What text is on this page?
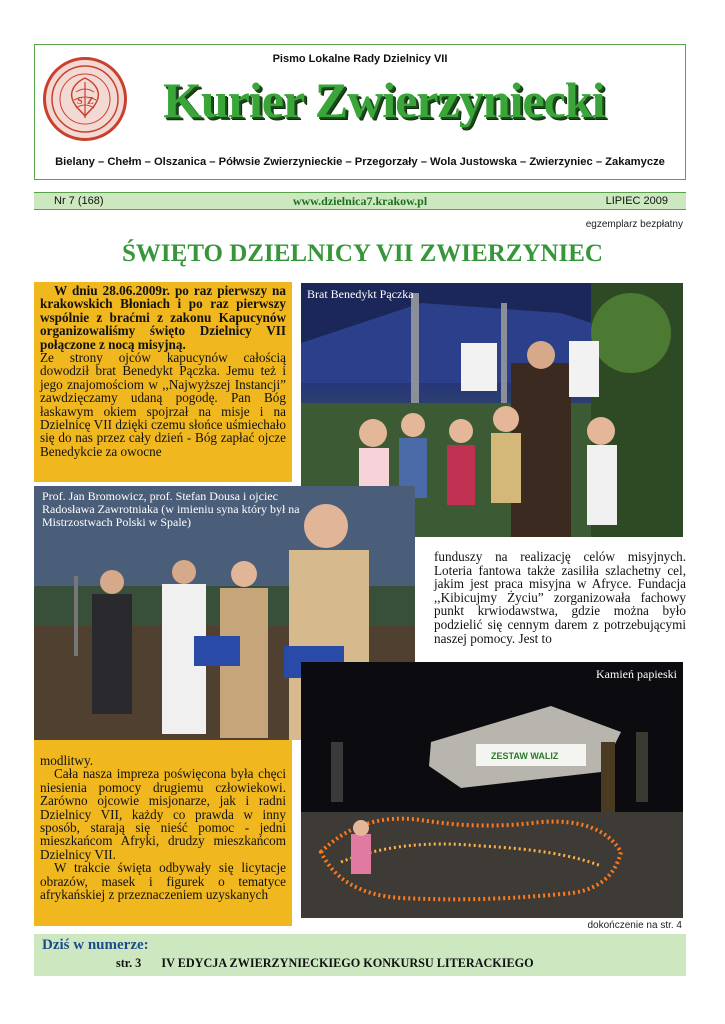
Pismo Lokalne Rady Dzielnicy VII
S Z Kurier Zwierzyniecki
Bielany – Chełm – Olszanica – Półwsie Zwierzynieckie – Przegorzały – Wola Justowska – Zwierzyniec – Zakamycze
Nr 7 (168)	www.dzielnica7.krakow.pl	LIPIEC 2009
egzemplarz bezpłatny
ŚWIĘTO DZIELNICY VII ZWIERZYNIEC

W dniu 28.06.2009r. po raz pierwszy na krakowskich Błoniach i po raz pierwszy wspólnie z braćmi z zakonu Kapucynów organizowaliśmy święto Dzielnicy VII połączone z nocą misyjną.

Ze strony ojców kapucynów całością dowodził brat Benedykt Pączka. Jemu też i jego znajomościom w ,,Najwyższej Instancji” zawdzięczamy udaną pogodę. Pan Bóg łaskawym okiem spojrzał na misje i na Dzielnicę VII dzięki czemu słońce uśmiechało się do nas przez cały dzień - Bóg zapłać ojcze Benedykcie za owocne

Brat Benedykt Pączka
Prof. Jan Bromowicz, prof. Stefan Dousa i ojciec Radosława Zawrotniaka (w imieniu syna który był na Mistrzostwach Polski w Spale)
funduszy na realizację celów misyjnych. Loteria fantowa także zasiliła szlachetny cel, jakim jest praca misyjna w Afryce. Fundacja ,,Kibicujmy Życiu” zorganizowała fachowy punkt krwiodawstwa, gdzie można było podzielić się cennym darem z potrzebującymi naszej pomocy. Jest to

modlitwy.

Cała nasza impreza poświęcona była chęci niesienia pomocy drugiemu człowiekowi. Zarówno ojcowie misjonarze, jak i radni Dzielnicy VII, każdy co prawda w inny sposób, starają się nieść pomoc - jedni mieszkańcom Afryki, drudzy mieszkańcom Dzielnicy VII.

W trakcie święta odbywały się licytacje obrazów, masek i figurek o tematyce afrykańskiej z przeznaczeniem uzyskanych

ZESTAW WALIZ
Kamień papieski
dokończenie na str. 4
Dziś w numerze:
str. 3 IV EDYCJA ZWIERZYNIECKIEGO KONKURSU LITERACKIEGO
